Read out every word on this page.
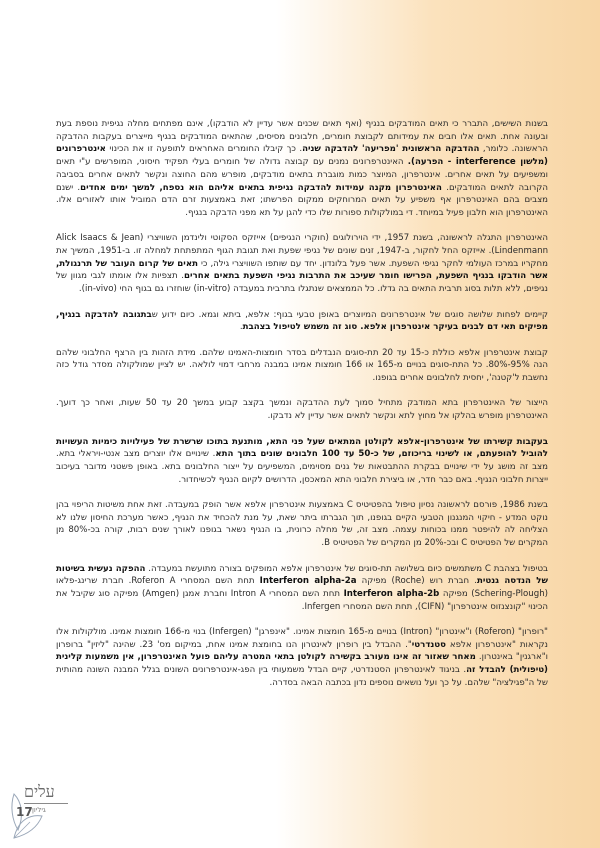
בשנות השישים, התברר כי תאים המודבקים בנגיף (ואף תאים שכנים אשר עדיין לא הודבקו), אינם מפתחים מחלה נגיפית נוספת בעת ובעונה אחת. תאים אלו חבים את עמידותם לקבוצת חומרים, חלבונים מסיסים, שהתאים המודבקים בנגיף מייצרים בעקבות ההדבקה הראשונה. כלומר, ההדבקה הראשונית 'מפריעה' להדבקה שניה. כך קיבלו החומרים האחראים לתופעה זו את הכינוי אינטרפרונים (מלשון interference - הפרעה). האינטרפרונים נמנים עם קבוצה גדולה של חומרים בעלי תפקיד חיסוני, המופרשים ע"י תאים ומשפיעים על תאים אחרים. אינטרפרון, המיוצר כמות מוגברת בתאים מודבקים, מופרש מהם החוצה ונקשר לתאים אחרים בסביבה הקרובה לתאים המודבקים. האינטרפרון מקנה עמידות להדבקה נגיפית בתאים אליהם הוא נספח, למשך ימים אחדים. ישנם מצבים בהם האינטרפרון אף משפיע על תאים המרוחקים ממקום הפרשתו; זאת באמצעות זרם הדם המוביל אותו לאזורים אלו. האינטרפרון הוא חלבון פעיל במיוחד. די במולקולות ספורות שלו כדי להגן על תא מפני הדבקה בנגיף.

האינטרפרון התגלה לראשונה, בשנת 1957, ידי הוירולוגים (חוקרי הנגיפים) אייזקס הסקוטי ולינדמן השוויצרי (Alick Isaacs & Jean Lindenmann). אייזקס החל לחקור, ב-1947, זנים שונים של נגיפי שפעת ואת תגובת הגוף המתפתחת למחלה זו. ב-1951, המשיך את מחקריו במרכז העולמי לחקר נגיפי השפעת. אשר פעל בלונדון. יחד עם שותפו השוויצרי גילה, כי תאים של קרום העובר של תרנגולת, אשר הודבקו בנגיף השפעת, הפרישו חומר שעיכב את התרבות נגיפי השפעת בתאים אחרים. תצפיות אלו אומתו לגבי מגוון של נגיפים, ללא תלות בסוג תרבית התאים בה גדלו. כל הממצאים שנתגלו בתרבית במעבדה (in-vitro) שוחזרו גם בגוף החי (in-vivo).

קיימים לפחות שלושה סוגים של אינטרפרונים המיוצרים באופן טבעי בגוף: אלפא, ביתא וגמא. כיום ידוע שבתגובה להדבקה בנגיף, מפיקים תאי דם לבנים בעיקר אינטרפרון אלפא. סוג זה משמש לטיפול בצהבת.

קבוצת אינטרפרון אלפא כוללת כ-15 עד 20 תת-סוגים הנבדלים בסדר חומצות-האמינו שלהם. מידת הזהות בין הרצף החלבוני שלהם הנה 95%-80%. כל התת-סוגים בנויים מ-165 או 166 חומצות אמינו במבנה מרחבי דמוי לולאה. יש לציין שמולקולה מסדר גודל כזה נחשבת ל'קטנה', יחסית לחלבונים אחרים בגופנו.

הייצור של האינטרפרון בתא המודבק מתחיל סמוך לעת ההדבקה ונמשך בקצב קבוע במשך 20 עד 50 שעות, ואחר כך דועך. האינטרפרון מופרש בהלקו אל מחוץ לתא ונקשר לתאים אשר עדיין לא נדבקו.

בעקבות קשירתו של אינטרפרון-אלפא לקולטן המתאים שעל פני התא, מותנעת בתוכו שרשרת של פעילויות כימיות העשויות להוביל להופעתם, או לשינוי בריכוזם, של כ-50 עד 100 חלבונים שונים בתוך התא. שינויים אלו יוצרים מצב אנטי-ויראלי בתא. מצב זה מושג על ידי שינויים בבקרת ההתבטאות של גנים מסוימים, המשפיעים על ייצור החלבונים בתא. באופן פשטני מדובר בעיכוב ייצרות חלבוני הנגיף. באם כבר חדר, או ביצירת חלבוני התא המאכסן, הדרושים לקיום הנגיף לכשיחדור.

בשנת 1986, פורסם לראשונה נסיון טיפול בהפטיטיס C באמצעות אינטרפרון אלפא אשר הופק במעבדה. זאת אחת משיטות הריפוי בהן נוקט המדע - חיקוי המנגנון הטבעי הקיים בגופנו, תוך הגברתו ביתר שאת, על מנת להכחיד את הנגיף, כאשר מערכת החיסון שלנו לא הצליחה לה להיפטר ממנו בכוחות עצמה. מצב זה, של מחלה כרונית, בו הנגיף נשאר בגופנו לאורך שנים רבות, קורה בכ-80% מן המקרים של הפטיטיס C ובכ-20% מן המקרים של הפטיטיס B.

בטיפול בצהבת C משתמשים כיום בשלושה תת-סוגים של אינטרפרון אלפא המופקים בצורה מתועשת במעבדה. ההפקה נעשית בשיטות של הנדסה גנטית. חברת רוש (Roche) מפיקה Interferon alpha-2a תחת השם המסחרי Roferon A. חברת שרינג-פלאו (Schering-Plough) מפיקה Interferon alpha-2b תחת השם המסחרי Intron A וחברת אמגן (Amgen) מפיקה סוג שקיבל את הכינוי "קונצנזוס אינטרפרון" (CIFN), תחת השם המסחרי Infergen.

"רופרון" (Roferon) ו"אינטרון" (Intron) בנויים מ-165 חומצות אמינו. "אינפרגן" (Infergen) בנוי מ-166 חומצות אמינו. מולקולות אלו נקראות "אינטרפרון אלפא סטנדרטי". ההבדל בין רופרון לאינטרון הנו בחומצת אמינו אחת, במיקום מס' 23. שהינה "ליזין" ברופרון ו"ארגנין" באינטרון. מאחר שאזור זה אינו מעורב בקשירה לקולטן בתאי המטרה עליהם פועל האינטרפרון, אין משמעות קלינית (טיפולית) להבדל זה. בניגוד לאינטרפרון הסטנדרטי, קיים הבדל משמעותי בין הפג-אינטרפרונים השונים בגלל המבנה השונה מהותית של ה"פגילציה" שלהם. על כך ועל נושאים נוספים נדון בכתבה הבאה בסדרה.

עלים
גיליון
17
